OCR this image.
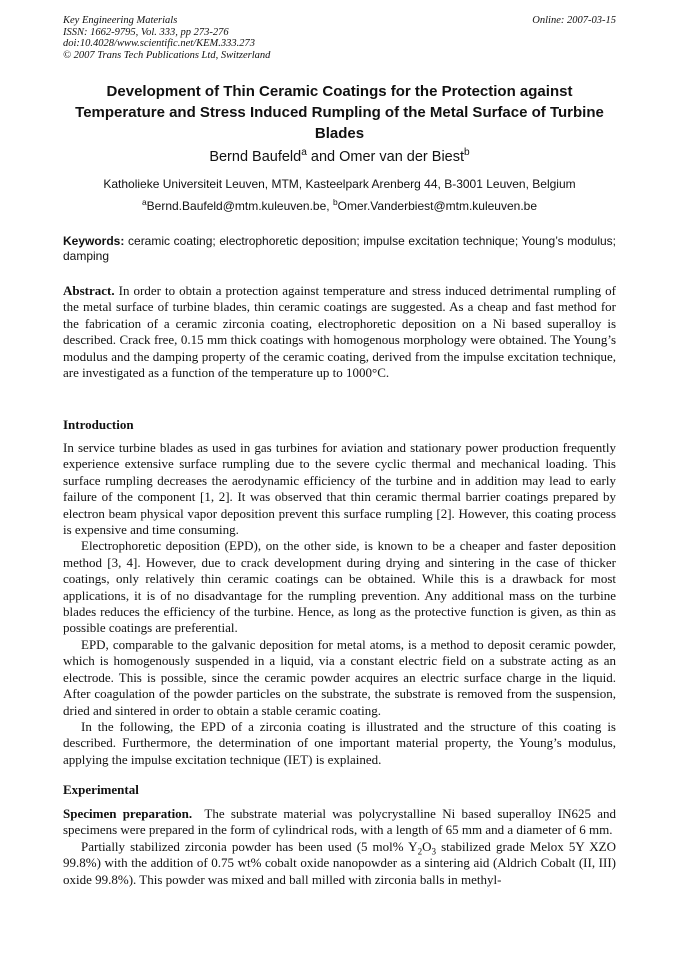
Key Engineering Materials
ISSN: 1662-9795, Vol. 333, pp 273-276
doi:10.4028/www.scientific.net/KEM.333.273
© 2007 Trans Tech Publications Ltd, Switzerland
Online: 2007-03-15
Development of Thin Ceramic Coatings for the Protection against Temperature and Stress Induced Rumpling of the Metal Surface of Turbine Blades
Bernd Baufeld$^a$ and Omer van der Biest$^b$
Katholieke Universiteit Leuven, MTM, Kasteelpark Arenberg 44, B-3001 Leuven, Belgium
$^a$Bernd.Baufeld@mtm.kuleuven.be, $^b$Omer.Vanderbiest@mtm.kuleuven.be
Keywords: ceramic coating; electrophoretic deposition; impulse excitation technique; Young’s modulus; damping
Abstract. In order to obtain a protection against temperature and stress induced detrimental rumpling of the metal surface of turbine blades, thin ceramic coatings are suggested. As a cheap and fast method for the fabrication of a ceramic zirconia coating, electrophoretic deposition on a Ni based superalloy is described. Crack free, 0.15 mm thick coatings with homogenous morphology were obtained. The Young’s modulus and the damping property of the ceramic coating, derived from the impulse excitation technique, are investigated as a function of the temperature up to 1000°C.
Introduction

In service turbine blades as used in gas turbines for aviation and stationary power production frequently experience extensive surface rumpling due to the severe cyclic thermal and mechanical loading. This surface rumpling decreases the aerodynamic efficiency of the turbine and in addition may lead to early failure of the component [1, 2]. It was observed that thin ceramic thermal barrier coatings prepared by electron beam physical vapor deposition prevent this surface rumpling [2]. However, this coating process is expensive and time consuming.

Electrophoretic deposition (EPD), on the other side, is known to be a cheaper and faster deposition method [3, 4]. However, due to crack development during drying and sintering in the case of thicker coatings, only relatively thin ceramic coatings can be obtained. While this is a drawback for most applications, it is of no disadvantage for the rumpling prevention. Any additional mass on the turbine blades reduces the efficiency of the turbine. Hence, as long as the protective function is given, as thin as possible coatings are preferential.

EPD, comparable to the galvanic deposition for metal atoms, is a method to deposit ceramic powder, which is homogenously suspended in a liquid, via a constant electric field on a substrate acting as an electrode. This is possible, since the ceramic powder acquires an electric surface charge in the liquid. After coagulation of the powder particles on the substrate, the substrate is removed from the suspension, dried and sintered in order to obtain a stable ceramic coating.

In the following, the EPD of a zirconia coating is illustrated and the structure of this coating is described. Furthermore, the determination of one important material property, the Young’s modulus, applying the impulse excitation technique (IET) is explained.

Experimental

Specimen preparation.  The substrate material was polycrystalline Ni based superalloy IN625 and specimens were prepared in the form of cylindrical rods, with a length of 65 mm and a diameter of 6 mm.

Partially stabilized zirconia powder has been used (5 mol% $Y_2O_3$ stabilized grade Melox 5Y XZO 99.8%) with the addition of 0.75 wt% cobalt oxide nanopowder as a sintering aid (Aldrich Cobalt (II, III) oxide 99.8%). This powder was mixed and ball milled with zirconia balls in methyl-
